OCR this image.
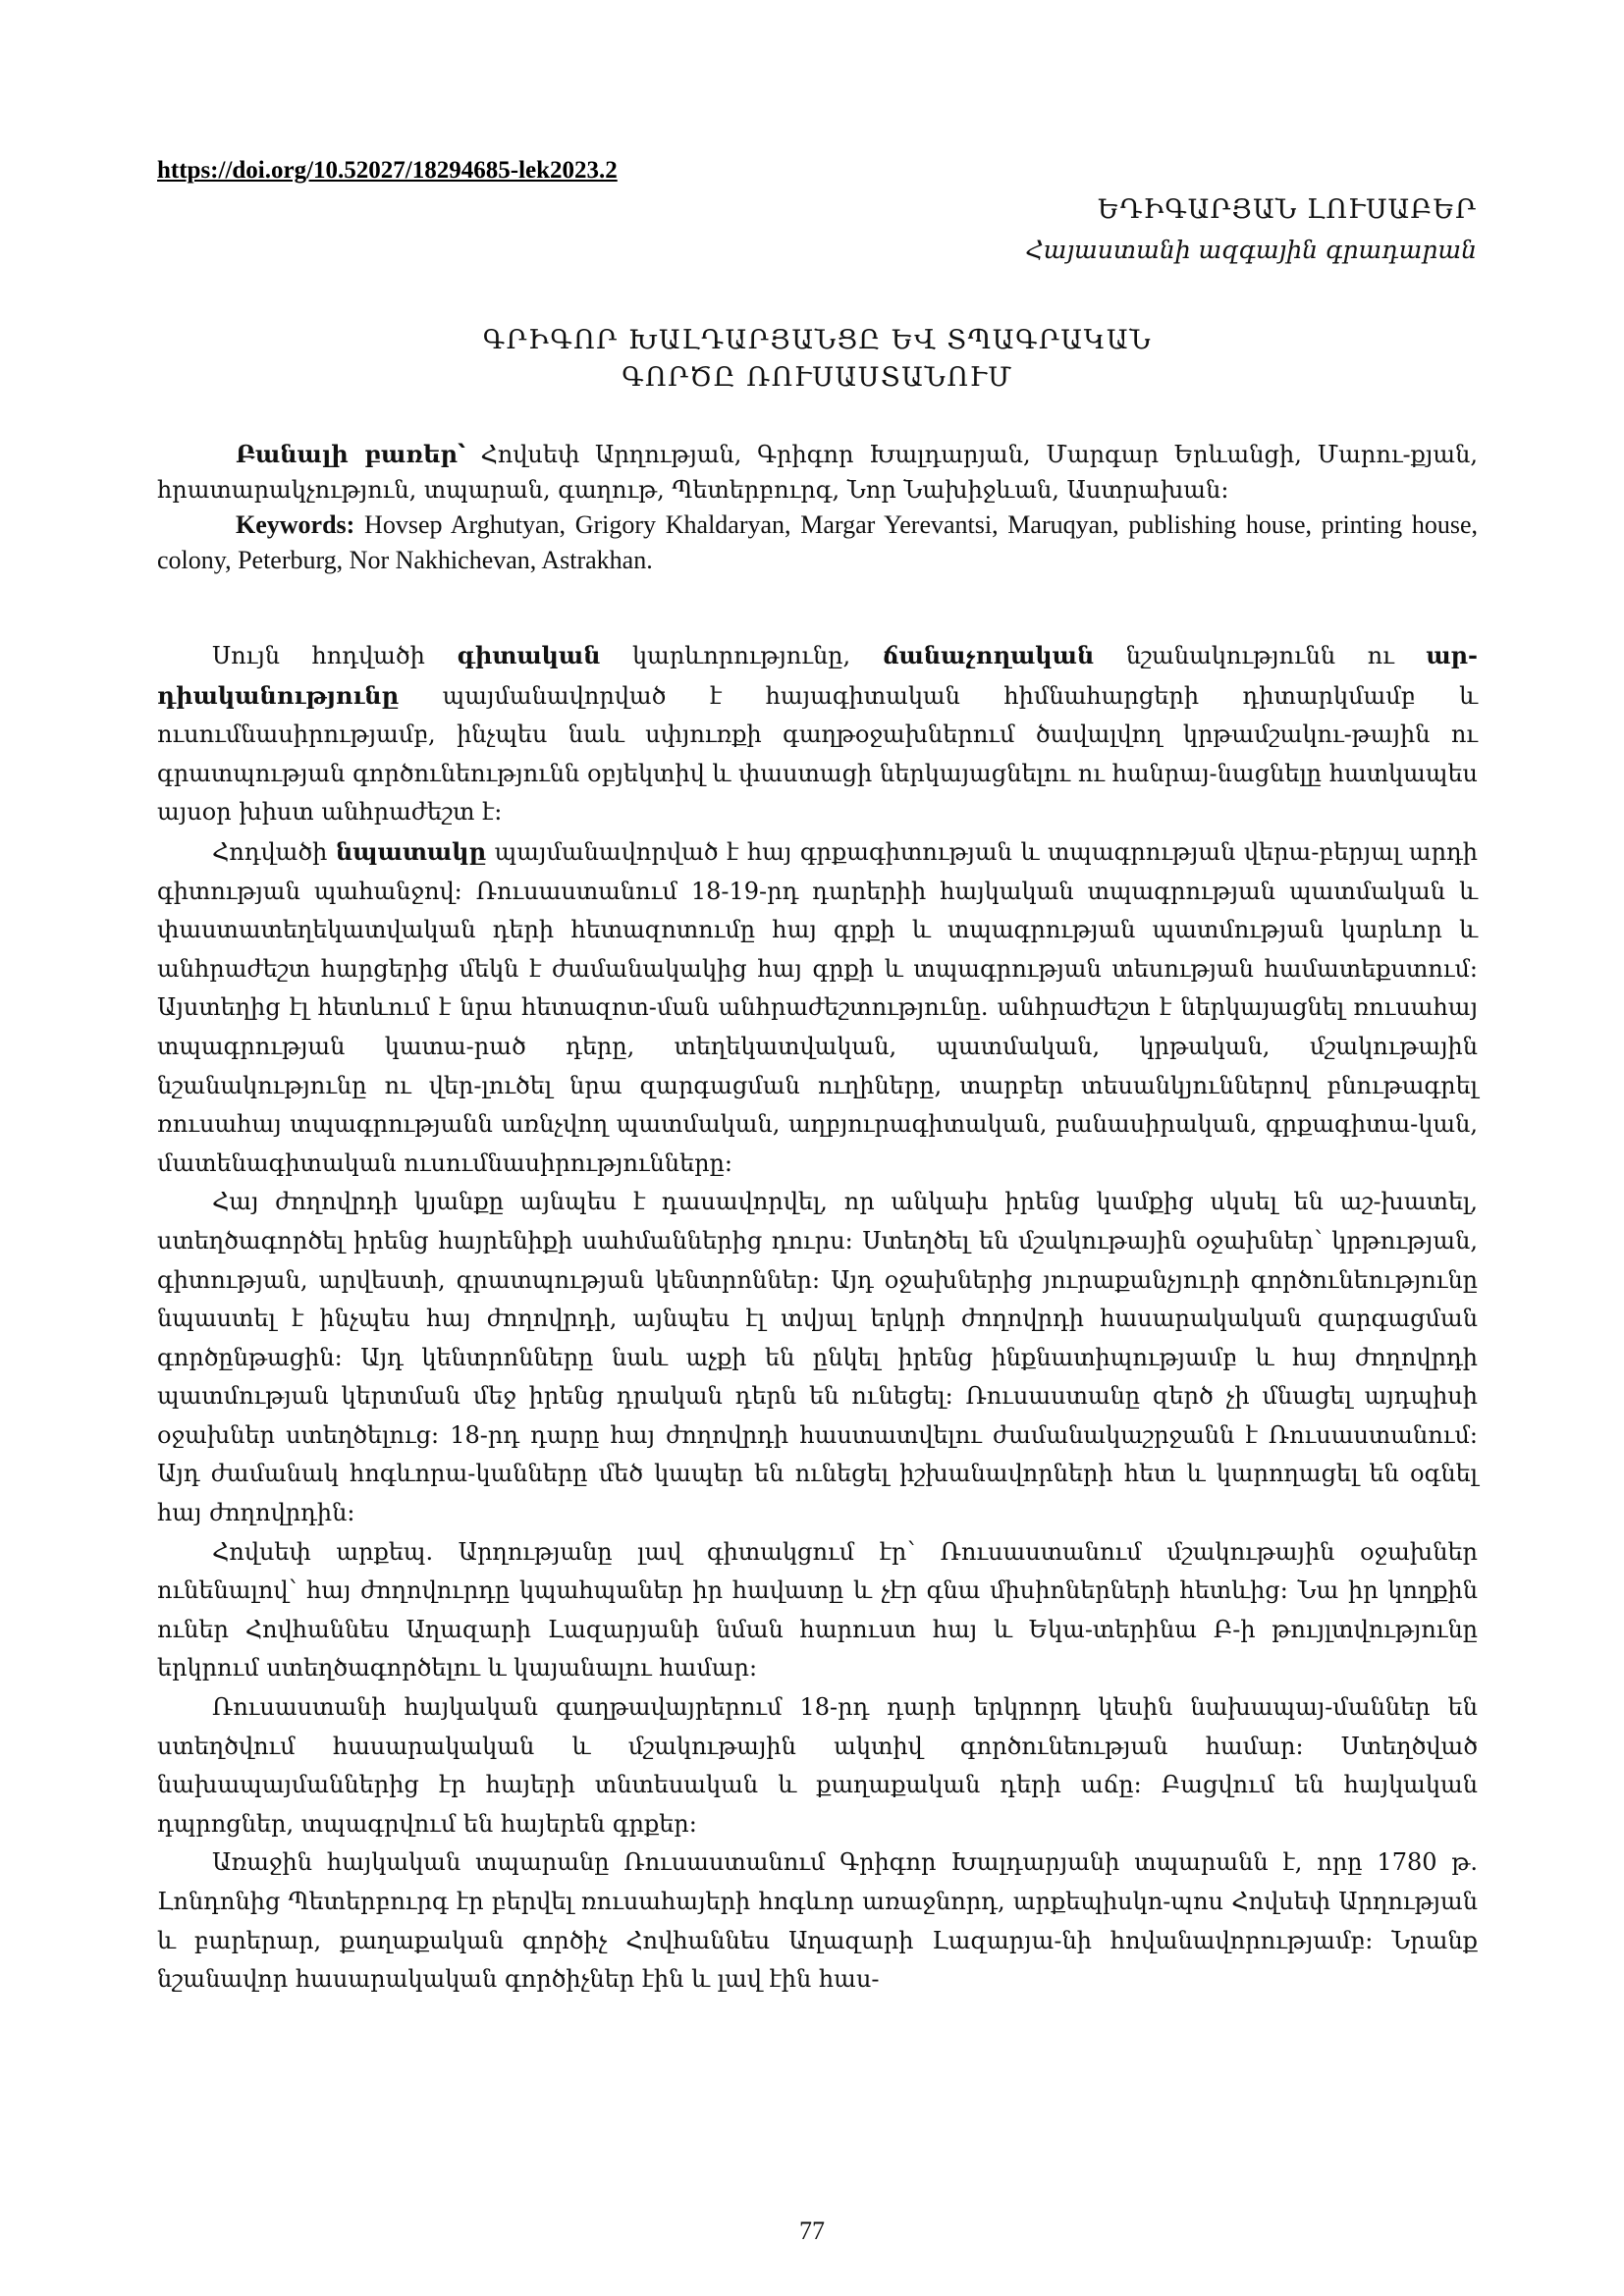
https://doi.org/10.52027/18294685-lek2023.2
ԵԴԻԳԱՐՅԱՆ ԼՈՒՍԱԲԵՐ
Հայաստանի ազգային գրադարան
ԳՐԻԳՈՐ ԽԱԼԴԱՐՅԱՆՑԸ ԵՎ ՏՊԱԳՐԱԿԱՆ
ԳՈՐԾԸ ՌՈՒՍԱՍՏԱՆՈՒՄ

Բանալի բառեր՝ Հովսեփ Արղության, Գրիգոր Խալդարյան, Մարգար Երևանցի, Մարու-քյան, հրատարակչություն, տպարան, գաղութ, Պետերբուրգ, Նոր Նախիջևան, Աստրախան:

Keywords: Hovsep Arghutyan, Grigory Khaldaryan, Margar Yerevantsi, Maruqyan, publishing house, printing house, colony, Peterburg, Nor Nakhichevan, Astrakhan.

Սույն հոդվածի գիտական կարևորությունը, ճանաչողական նշանակությունն ու ար-դիականությունը պայմանավորված է հայագիտական հիմնահարցերի դիտարկմամբ և ուսումնասիրությամբ, ինչպես նաև սփյուռքի գաղթօջախներում ծավալվող կրթամշակու-թային ու գրատպության գործունեությունն օբյեկտիվ և փաստացի ներկայացնելու ու հանրայ-նացնելը հատկապես այսօր խիստ անհրաժեշտ է:

Հոդվածի նպատակը պայմանավորված է հայ գրքագիտության և տպագրության վերա-բերյալ արդի գիտության պահանջով: Ռուսաստանում 18-19-րդ դարերիի հայկական տպագրության պատմական և փաստատեղեկատվական դերի հետազոտումը հայ գրքի և տպագրության պատմության կարևոր և անհրաժեշտ հարցերից մեկն է ժամանակակից հայ գրքի և տպագրության տեսության համատեքստում: Այստեղից էլ հետևում է նրա հետազոտ-ման անհրաժեշտությունը. անհրաժեշտ է ներկայացնել ռուսահայ տպագրության կատա-րած դերը, տեղեկատվական, պատմական, կրթական, մշակութային նշանակությունը ու վեր-լուծել նրա զարգացման ուղիները, տարբեր տեսանկյուններով բնութագրել ռուսահայ տպագրությանն առնչվող պատմական, աղբյուրագիտական, բանասիրական, գրքագիտա-կան, մատենագիտական ուսումնասիրությունները:

Հայ ժողովրդի կյանքը այնպես է դասավորվել, որ անկախ իրենց կամքից սկսել են աշ-խատել, ստեղծագործել իրենց հայրենիքի սահմաններից դուրս: Ստեղծել են մշակութային օջախներ՝ կրթության, գիտության, արվեստի, գրատպության կենտրոններ: Այդ օջախներից յուրաքանչյուրի գործունեությունը նպաստել է ինչպես հայ ժողովրդի, այնպես էլ տվյալ երկրի ժողովրդի հասարակական զարգացման գործընթացին: Այդ կենտրոնները նաև աչքի են ընկել իրենց ինքնատիպությամբ և հայ ժողովրդի պատմության կերտման մեջ իրենց դրական դերն են ունեցել: Ռուսաստանը զերծ չի մնացել այդպիսի օջախներ ստեղծելուց: 18-րդ դարը հայ ժողովրդի հաստատվելու ժամանակաշրջանն է Ռուսաստանում: Այդ ժամանակ հոգևորա-կանները մեծ կապեր են ունեցել իշխանավորների հետ և կարողացել են օգնել հայ ժողովրդին:

Հովսեփ արքեպ. Արղությանը լավ գիտակցում էր՝ Ռուսաստանում մշակութային օջախներ ունենալով՝ հայ ժողովուրդը կպահպաներ իր հավատը և չէր գնա միսիոներների հետևից: Նա իր կողքին ուներ Հովհաննես Աղազարի Լազարյանի նման հարուստ հայ և Եկա-տերինա Բ-ի թույլտվությունը երկրում ստեղծագործելու և կայանալու համար:

Ռուսաստանի հայկական գաղթավայրերում 18-րդ դարի երկրորդ կեսին նախապայ-մաններ են ստեղծվում հասարակական և մշակութային ակտիվ գործունեության համար: Ստեղծված նախապայմաններից էր հայերի տնտեսական և քաղաքական դերի աճը: Բացվում են հայկական դպրոցներ, տպագրվում են հայերեն գրքեր:

Առաջին հայկական տպարանը Ռուսաստանում Գրիգոր Խալդարյանի տպարանն է, որը 1780 թ. Լոնդոնից Պետերբուրգ էր բերվել ռուսահայերի հոգևոր առաջնորդ, արքեպիսկո-պոս Հովսեփ Արղության և բարերար, քաղաքական գործիչ Հովհաննես Աղազարի Լազարյա-նի հովանավորությամբ: Նրանք նշանավոր հասարակական գործիչներ էին և լավ էին հաս-

77
